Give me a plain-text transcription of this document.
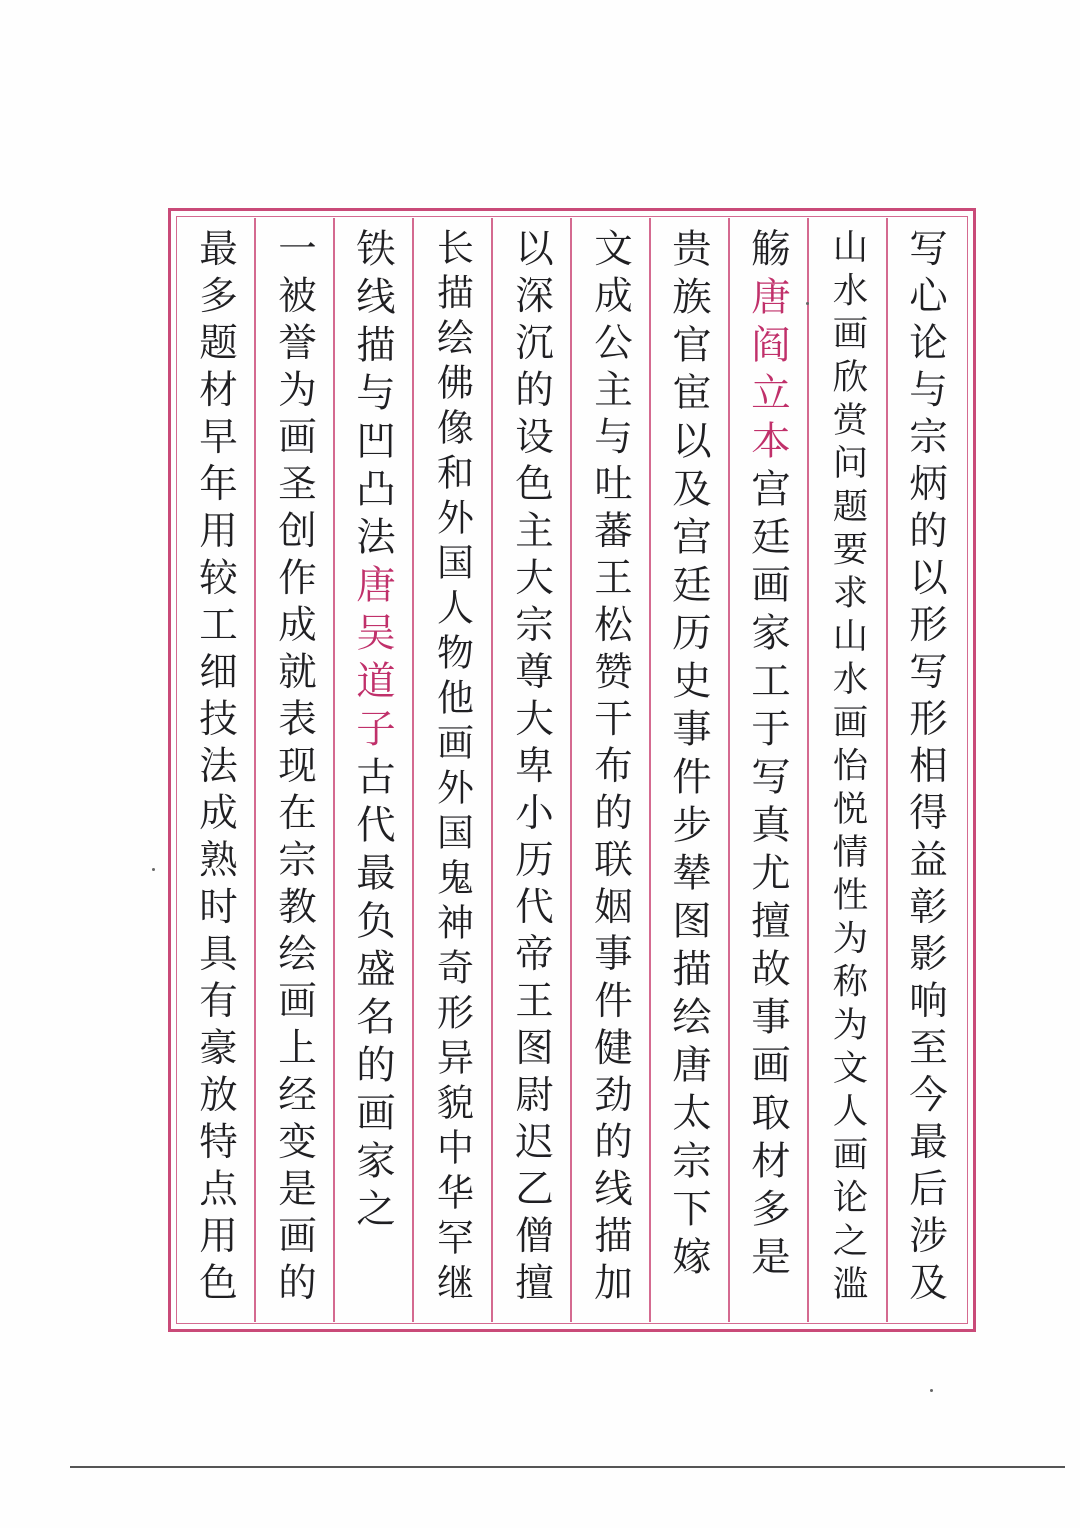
写心论与宗炳的以形写形相得益彰影响至今最后涉及
山水画欣赏问题要求山水画怡悦情性为称为文人画论之滥
觞
唐阎立本
宫廷画家工于写真尤擅故事画取材多是
贵族官宦以及宫廷历史事件步辇图描绘唐太宗下嫁
文成公主与吐蕃王松赞干布的联姻事件健劲的线描加
以深沉的设色主大宗尊大卑小历代帝王图尉迟乙僧擅
长描绘佛像和外国人物他画外国鬼神奇形异貌中华罕继
铁线描与凹凸法
唐吴道子
古代最负盛名的画家之
一被誉为画圣创作成就表现在宗教绘画上经变是画的
最多题材早年用较工细技法成熟时具有豪放特点用色
